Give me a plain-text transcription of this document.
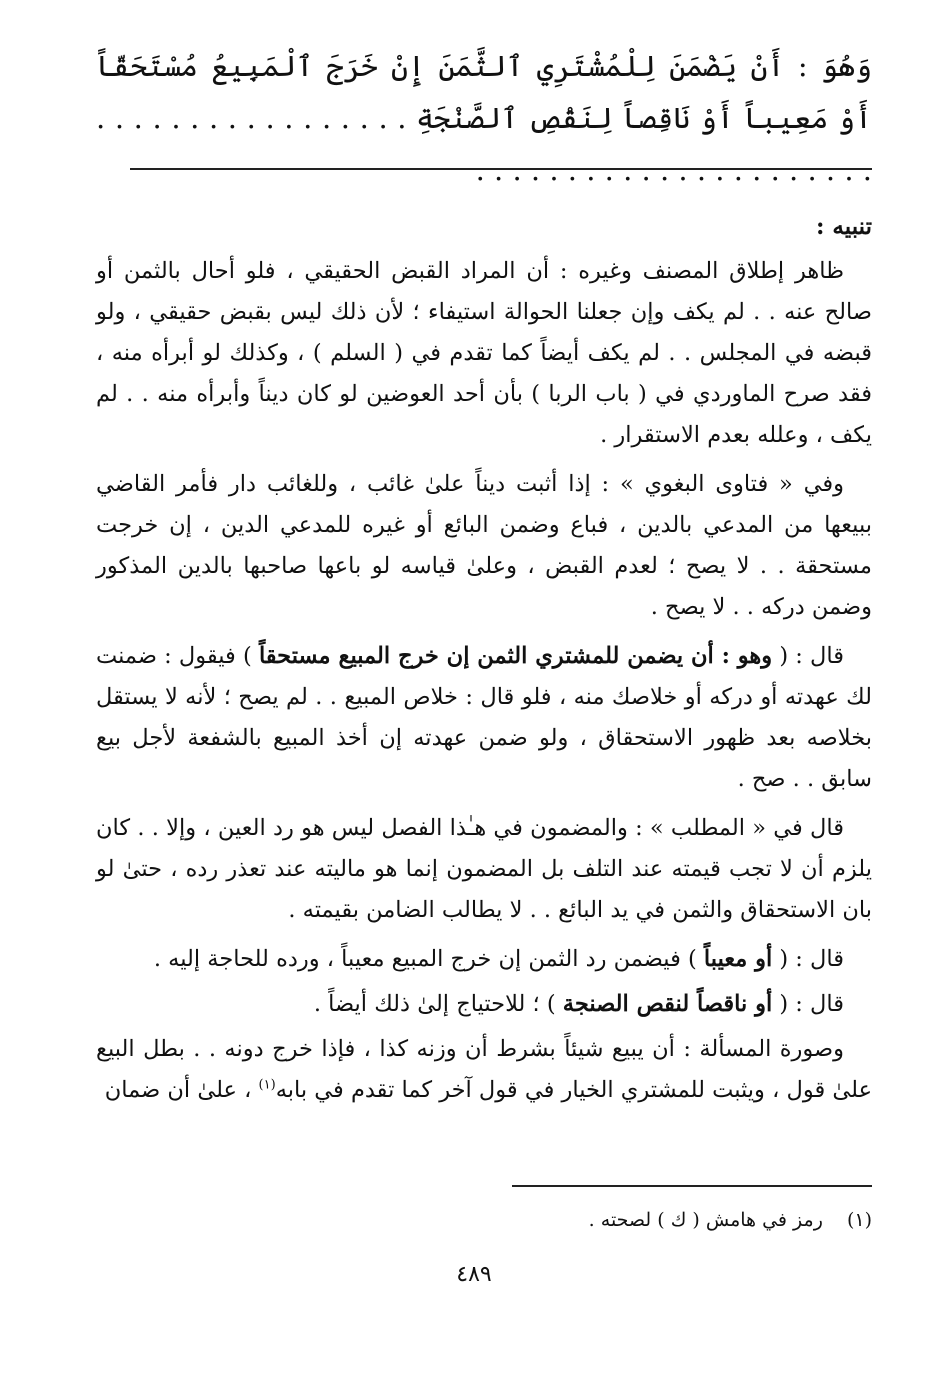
وَهُوَ : أَنْ يَضْمَنَ لِلْمُشْتَرِي ٱلثَّمَنَ إِنْ خَرَجَ ٱلْمَبِيعُ مُسْتَحَقّاً أَوْ مَعِيباً أَوْ نَاقِصاً لِنَقْصِ ٱلصَّنْجَةِ . . . . . . . . . . . . . . . . . . . . . . . . . . . . . . . . . . . . . . .
تنبيه :

ظاهر إطلاق المصنف وغيره : أن المراد القبض الحقيقي ، فلو أحال بالثمن أو صالح عنه . . لم يكف وإن جعلنا الحوالة استيفاء ؛ لأن ذلك ليس بقبض حقيقي ، ولو قبضه في المجلس . . لم يكف أيضاً كما تقدم في ( السلم ) ، وكذلك لو أبرأه منه ، فقد صرح الماوردي في ( باب الربا ) بأن أحد العوضين لو كان ديناً وأبرأه منه . . لم يكف ، وعلله بعدم الاستقرار .

وفي « فتاوى البغوي » : إذا أثبت ديناً علىٰ غائب ، وللغائب دار فأمر القاضي ببيعها من المدعي بالدين ، فباع وضمن البائع أو غيره للمدعي الدين ، إن خرجت مستحقة . . لا يصح ؛ لعدم القبض ، وعلىٰ قياسه لو باعها صاحبها بالدين المذكور وضمن دركه . . لا يصح .

قال : ( وهو : أن يضمن للمشتري الثمن إن خرج المبيع مستحقاً ) فيقول : ضمنت لك عهدته أو دركه أو خلاصك منه ، فلو قال : خلاص المبيع . . لم يصح ؛ لأنه لا يستقل بخلاصه بعد ظهور الاستحقاق ، ولو ضمن عهدته إن أخذ المبيع بالشفعة لأجل بيع سابق . . صح .

قال في « المطلب » : والمضمون في هـٰذا الفصل ليس هو رد العين ، وإلا . . كان يلزم أن لا تجب قيمته عند التلف بل المضمون إنما هو ماليته عند تعذر رده ، حتىٰ لو بان الاستحقاق والثمن في يد البائع . . لا يطالب الضامن بقيمته .

قال : ( أو معيباً ) فيضمن رد الثمن إن خرج المبيع معيباً ، ورده للحاجة إليه .

قال : ( أو ناقصاً لنقص الصنجة ) ؛ للاحتياج إلىٰ ذلك أيضاً .

وصورة المسألة : أن يبيع شيئاً بشرط أن وزنه كذا ، فإذا خرج دونه . . بطل البيع علىٰ قول ، ويثبت للمشتري الخيار في قول آخر كما تقدم في بابه$^{(١)}$ ، علىٰ أن ضمان

(١) رمز في هامش ( ك ) لصحته .
٤٨٩
